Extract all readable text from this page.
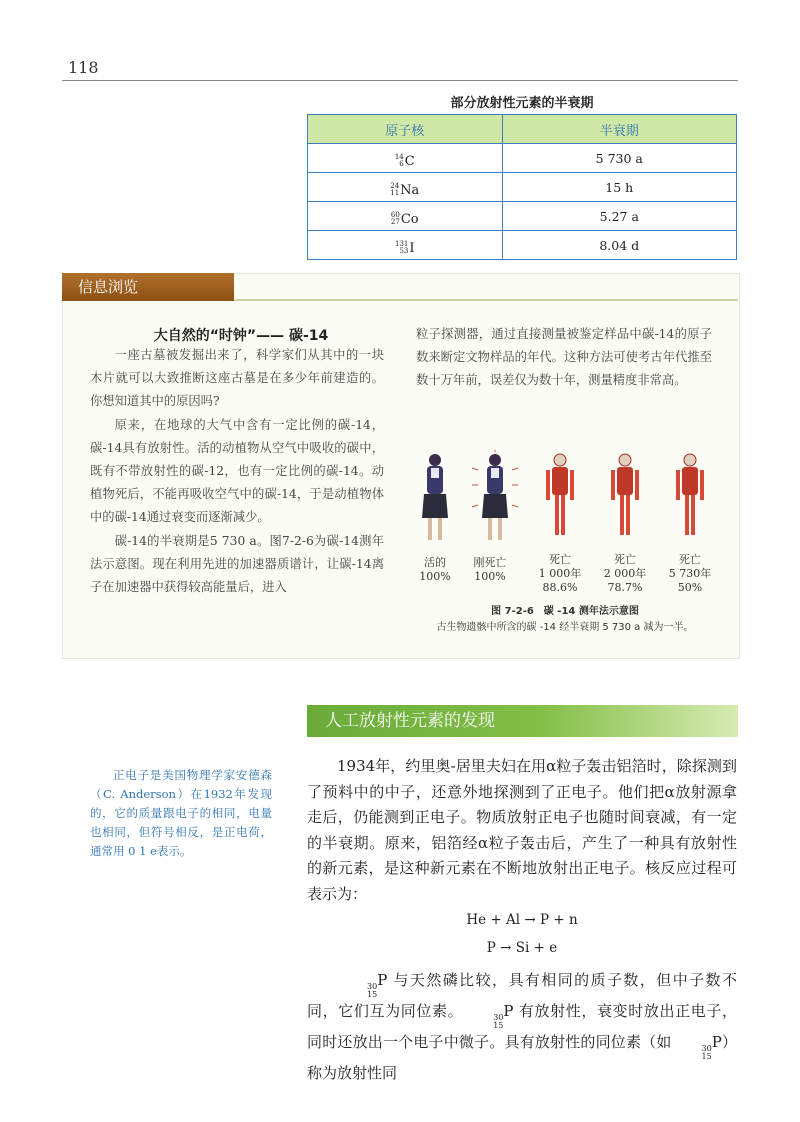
118
部分放射性元素的半衰期
原子核	半衰期

14
6 C	5 730 a

24
11 Na	15 h

60
27 Co	5.27 a

131
53 I	8.04 d
信息浏览
大自然的“时钟”—— 碳-14

一座古墓被发掘出来了，科学家们从其中的一块木片就可以大致推断这座古墓是在多少年前建造的。你想知道其中的原因吗?

原来，在地球的大气中含有一定比例的碳-14，碳-14具有放射性。活的动植物从空气中吸收的碳中，既有不带放射性的碳-12，也有一定比例的碳-14。动植物死后，不能再吸收空气中的碳-14，于是动植物体中的碳-14通过衰变而逐渐减少。

碳-14的半衰期是5 730 a。图7-2-6为碳-14测年法示意图。现在利用先进的加速器质谱计，让碳-14离子在加速器中获得较高能量后，进入

粒子探测器，通过直接测量被鉴定样品中碳-14的原子数来断定文物样品的年代。这种方法可使考古年代推至数十万年前，误差仅为数十年，测量精度非常高。

活的
100%
刚死亡
100%
死亡
1 000年
88.6%
死亡
2 000年
78.7%
死亡
5 730年
50%
图 7-2-6　碳 -14 测年法示意图
古生物遗骸中所含的碳 -14 经半衰期 5 730 a 减为一半。
人工放射性元素的发现

正电子是美国物理学家安德森（C. Anderson）在1932年发现的，它的质量跟电子的相同，电量也相同，但符号相反，是正电荷，通常用 0 1 e表示。

1934年，约里奥-居里夫妇在用α粒子轰击铝箔时，除探测到了预料中的中子，还意外地探测到了正电子。他们把α放射源拿走后，仍能测到正电子。物质放射正电子也随时间衰减，有一定的半衰期。原来，铝箔经α粒子轰击后，产生了一种具有放射性的新元素，是这种新元素在不断地放射出正电子。核反应过程可表示为：

He + Al → P + n
P → Si + e

30
15
P 与天然磷比较，具有相同的质子数，但中子数不同，它们互为同位素。	30
15
P 有放射性，衰变时放出正电子，同时还放出一个电子中微子。具有放射性的同位素（如	30
15
P）称为放射性同
